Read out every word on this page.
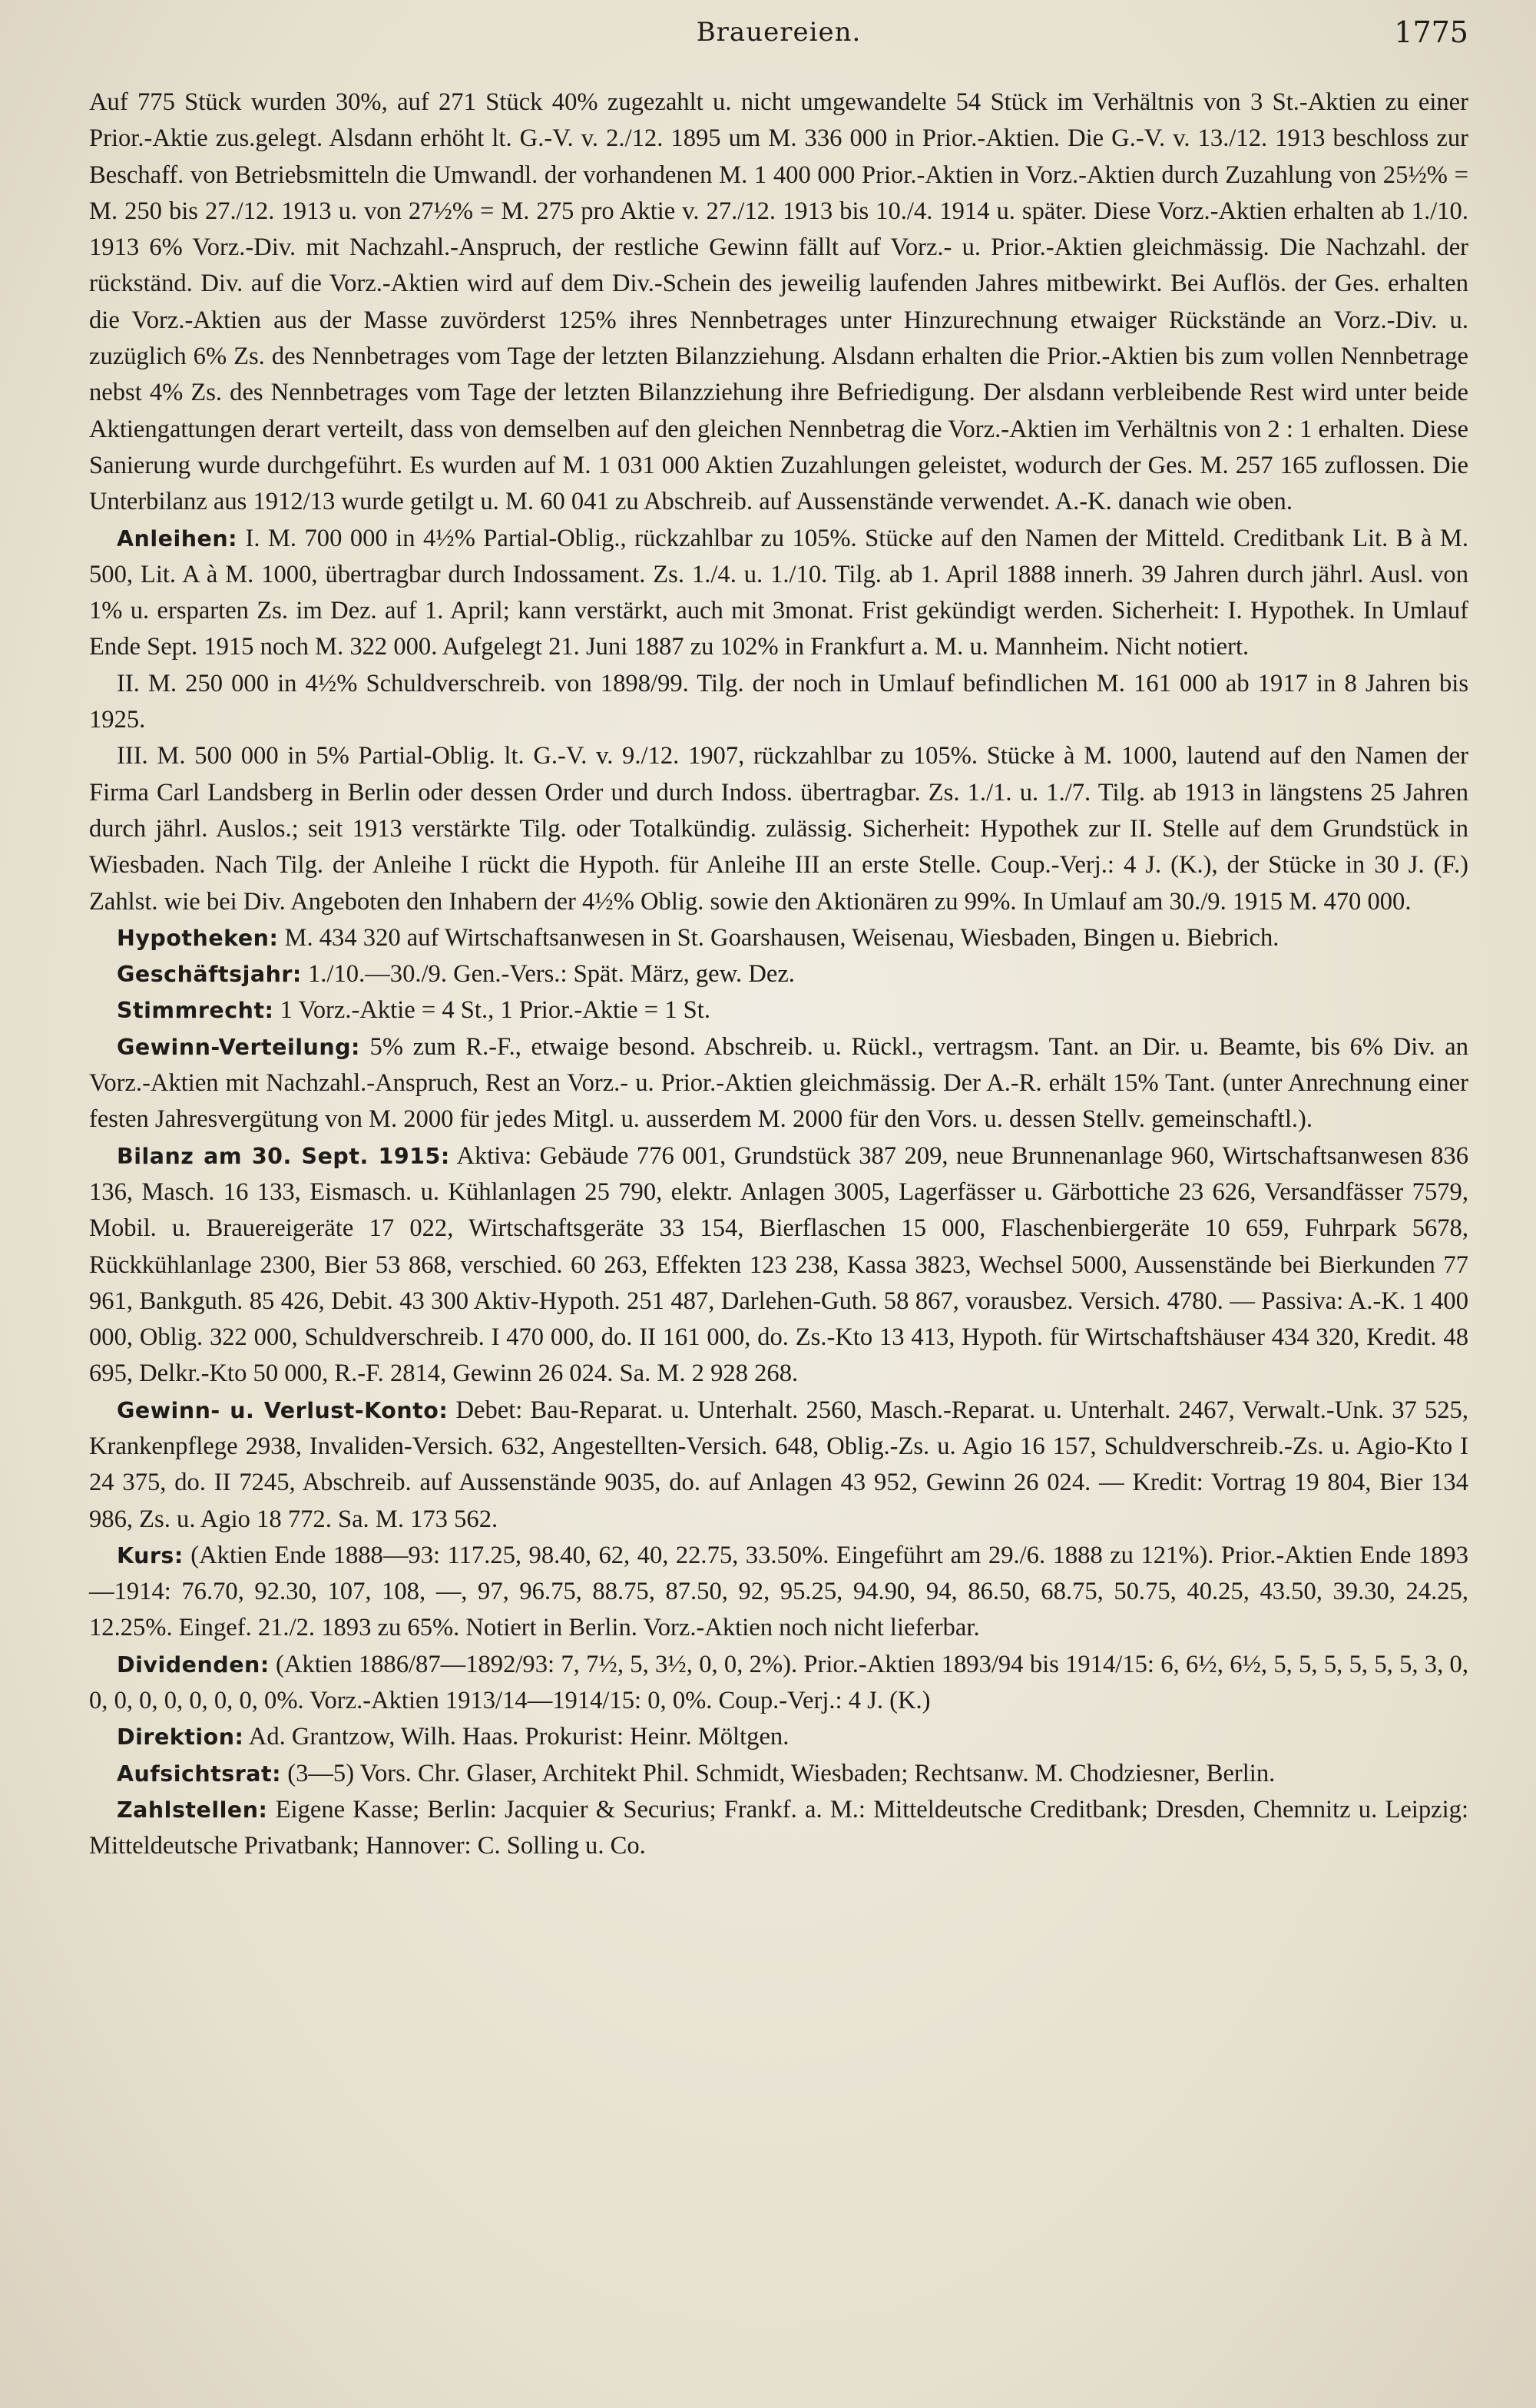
Brauereien.	1775

Auf 775 Stück wurden 30%, auf 271 Stück 40% zugezahlt u. nicht umgewandelte 54 Stück im Verhältnis von 3 St.-Aktien zu einer Prior.-Aktie zus.gelegt. Alsdann erhöht lt. G.-V. v. 2./12. 1895 um M. 336 000 in Prior.-Aktien. Die G.-V. v. 13./12. 1913 beschloss zur Beschaff. von Betriebsmitteln die Umwandl. der vorhandenen M. 1 400 000 Prior.-Aktien in Vorz.-Aktien durch Zuzahlung von 25½% = M. 250 bis 27./12. 1913 u. von 27½% = M. 275 pro Aktie v. 27./12. 1913 bis 10./4. 1914 u. später. Diese Vorz.-Aktien erhalten ab 1./10. 1913 6% Vorz.-Div. mit Nachzahl.-Anspruch, der restliche Gewinn fällt auf Vorz.- u. Prior.-Aktien gleichmässig. Die Nachzahl. der rückständ. Div. auf die Vorz.-Aktien wird auf dem Div.-Schein des jeweilig laufenden Jahres mitbewirkt. Bei Auflös. der Ges. erhalten die Vorz.-Aktien aus der Masse zuvörderst 125% ihres Nennbetrages unter Hinzurechnung etwaiger Rückstände an Vorz.-Div. u. zuzüglich 6% Zs. des Nennbetrages vom Tage der letzten Bilanzziehung. Alsdann erhalten die Prior.-Aktien bis zum vollen Nennbetrage nebst 4% Zs. des Nennbetrages vom Tage der letzten Bilanzziehung ihre Befriedigung. Der alsdann verbleibende Rest wird unter beide Aktiengattungen derart verteilt, dass von demselben auf den gleichen Nennbetrag die Vorz.-Aktien im Verhältnis von 2 : 1 erhalten. Diese Sanierung wurde durchgeführt. Es wurden auf M. 1 031 000 Aktien Zuzahlungen geleistet, wodurch der Ges. M. 257 165 zuflossen. Die Unterbilanz aus 1912/13 wurde getilgt u. M. 60 041 zu Abschreib. auf Aussenstände verwendet. A.-K. danach wie oben.

Anleihen: I. M. 700 000 in 4½% Partial-Oblig., rückzahlbar zu 105%. Stücke auf den Namen der Mitteld. Creditbank Lit. B à M. 500, Lit. A à M. 1000, übertragbar durch Indossament. Zs. 1./4. u. 1./10. Tilg. ab 1. April 1888 innerh. 39 Jahren durch jährl. Ausl. von 1% u. ersparten Zs. im Dez. auf 1. April; kann verstärkt, auch mit 3monat. Frist gekündigt werden. Sicherheit: I. Hypothek. In Umlauf Ende Sept. 1915 noch M. 322 000. Aufgelegt 21. Juni 1887 zu 102% in Frankfurt a. M. u. Mannheim. Nicht notiert.

II. M. 250 000 in 4½% Schuldverschreib. von 1898/99. Tilg. der noch in Umlauf befindlichen M. 161 000 ab 1917 in 8 Jahren bis 1925.

III. M. 500 000 in 5% Partial-Oblig. lt. G.-V. v. 9./12. 1907, rückzahlbar zu 105%. Stücke à M. 1000, lautend auf den Namen der Firma Carl Landsberg in Berlin oder dessen Order und durch Indoss. übertragbar. Zs. 1./1. u. 1./7. Tilg. ab 1913 in längstens 25 Jahren durch jährl. Auslos.; seit 1913 verstärkte Tilg. oder Totalkündig. zulässig. Sicherheit: Hypothek zur II. Stelle auf dem Grundstück in Wiesbaden. Nach Tilg. der Anleihe I rückt die Hypoth. für Anleihe III an erste Stelle. Coup.-Verj.: 4 J. (K.), der Stücke in 30 J. (F.) Zahlst. wie bei Div. Angeboten den Inhabern der 4½% Oblig. sowie den Aktionären zu 99%. In Umlauf am 30./9. 1915 M. 470 000.

Hypotheken: M. 434 320 auf Wirtschaftsanwesen in St. Goarshausen, Weisenau, Wiesbaden, Bingen u. Biebrich.

Geschäftsjahr: 1./10.—30./9. Gen.-Vers.: Spät. März, gew. Dez.

Stimmrecht: 1 Vorz.-Aktie = 4 St., 1 Prior.-Aktie = 1 St.

Gewinn-Verteilung: 5% zum R.-F., etwaige besond. Abschreib. u. Rückl., vertragsm. Tant. an Dir. u. Beamte, bis 6% Div. an Vorz.-Aktien mit Nachzahl.-Anspruch, Rest an Vorz.- u. Prior.-Aktien gleichmässig. Der A.-R. erhält 15% Tant. (unter Anrechnung einer festen Jahresvergütung von M. 2000 für jedes Mitgl. u. ausserdem M. 2000 für den Vors. u. dessen Stellv. gemeinschaftl.).

Bilanz am 30. Sept. 1915: Aktiva: Gebäude 776 001, Grundstück 387 209, neue Brunnenanlage 960, Wirtschaftsanwesen 836 136, Masch. 16 133, Eismasch. u. Kühlanlagen 25 790, elektr. Anlagen 3005, Lagerfässer u. Gärbottiche 23 626, Versandfässer 7579, Mobil. u. Brauereigeräte 17 022, Wirtschaftsgeräte 33 154, Bierflaschen 15 000, Flaschenbiergeräte 10 659, Fuhrpark 5678, Rückkühlanlage 2300, Bier 53 868, verschied. 60 263, Effekten 123 238, Kassa 3823, Wechsel 5000, Aussenstände bei Bierkunden 77 961, Bankguth. 85 426, Debit. 43 300 Aktiv-Hypoth. 251 487, Darlehen-Guth. 58 867, vorausbez. Versich. 4780. — Passiva: A.-K. 1 400 000, Oblig. 322 000, Schuldverschreib. I 470 000, do. II 161 000, do. Zs.-Kto 13 413, Hypoth. für Wirtschaftshäuser 434 320, Kredit. 48 695, Delkr.-Kto 50 000, R.-F. 2814, Gewinn 26 024. Sa. M. 2 928 268.

Gewinn- u. Verlust-Konto: Debet: Bau-Reparat. u. Unterhalt. 2560, Masch.-Reparat. u. Unterhalt. 2467, Verwalt.-Unk. 37 525, Krankenpflege 2938, Invaliden-Versich. 632, Angestellten-Versich. 648, Oblig.-Zs. u. Agio 16 157, Schuldverschreib.-Zs. u. Agio-Kto I 24 375, do. II 7245, Abschreib. auf Aussenstände 9035, do. auf Anlagen 43 952, Gewinn 26 024. — Kredit: Vortrag 19 804, Bier 134 986, Zs. u. Agio 18 772. Sa. M. 173 562.

Kurs: (Aktien Ende 1888—93: 117.25, 98.40, 62, 40, 22.75, 33.50%. Eingeführt am 29./6. 1888 zu 121%). Prior.-Aktien Ende 1893—1914: 76.70, 92.30, 107, 108, —, 97, 96.75, 88.75, 87.50, 92, 95.25, 94.90, 94, 86.50, 68.75, 50.75, 40.25, 43.50, 39.30, 24.25, 12.25%. Eingef. 21./2. 1893 zu 65%. Notiert in Berlin. Vorz.-Aktien noch nicht lieferbar.

Dividenden: (Aktien 1886/87—1892/93: 7, 7½, 5, 3½, 0, 0, 2%). Prior.-Aktien 1893/94 bis 1914/15: 6, 6½, 6½, 5, 5, 5, 5, 5, 5, 3, 0, 0, 0, 0, 0, 0, 0, 0, 0%. Vorz.-Aktien 1913/14—1914/15: 0, 0%. Coup.-Verj.: 4 J. (K.)

Direktion: Ad. Grantzow, Wilh. Haas. Prokurist: Heinr. Möltgen.

Aufsichtsrat: (3—5) Vors. Chr. Glaser, Architekt Phil. Schmidt, Wiesbaden; Rechtsanw. M. Chodziesner, Berlin.

Zahlstellen: Eigene Kasse; Berlin: Jacquier & Securius; Frankf. a. M.: Mitteldeutsche Creditbank; Dresden, Chemnitz u. Leipzig: Mitteldeutsche Privatbank; Hannover: C. Solling u. Co.
